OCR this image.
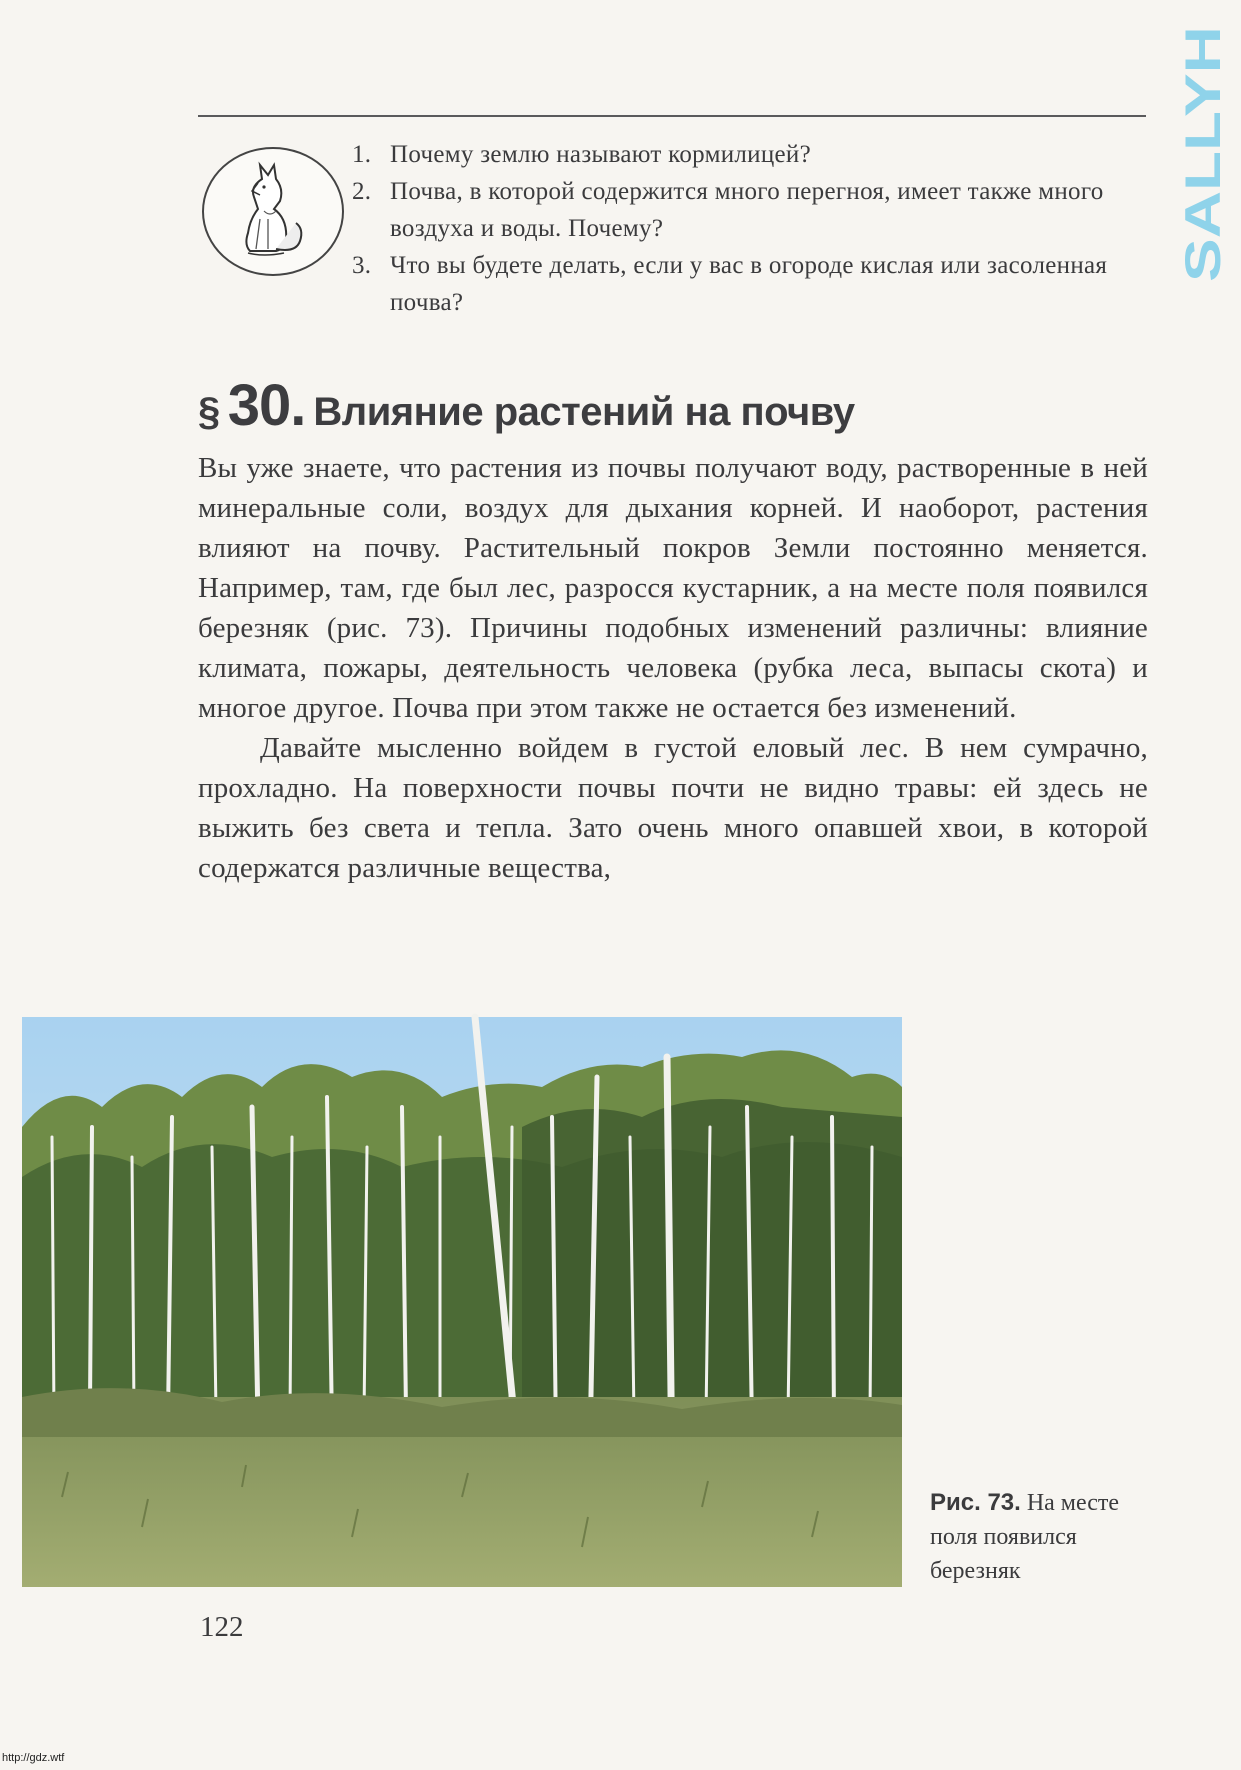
1. Почему землю называют кормилицей?
2. Почва, в которой содержится много перегноя, имеет также много воздуха и воды. Почему?
3. Что вы будете делать, если у вас в огороде кислая или засоленная почва?
§ 30. Влияние растений на почву

Вы уже знаете, что растения из почвы получают воду, растворенные в ней минеральные соли, воздух для дыхания корней. И наоборот, растения влияют на почву. Растительный покров Земли постоянно меняется. Например, там, где был лес, разросся кустарник, а на месте поля появился березняк (рис. 73). Причины подобных изменений различны: влияние климата, пожары, деятельность человека (рубка леса, выпасы скота) и многое другое. Почва при этом также не остается без изменений.

Давайте мысленно войдем в густой еловый лес. В нем сумрачно, прохладно. На поверхности почвы почти не видно травы: ей здесь не выжить без света и тепла. Зато очень много опавшей хвои, в которой содержатся различные вещества,

Рис. 73. На месте поля появился березняк

122
SALLYH
http://gdz.wtf
